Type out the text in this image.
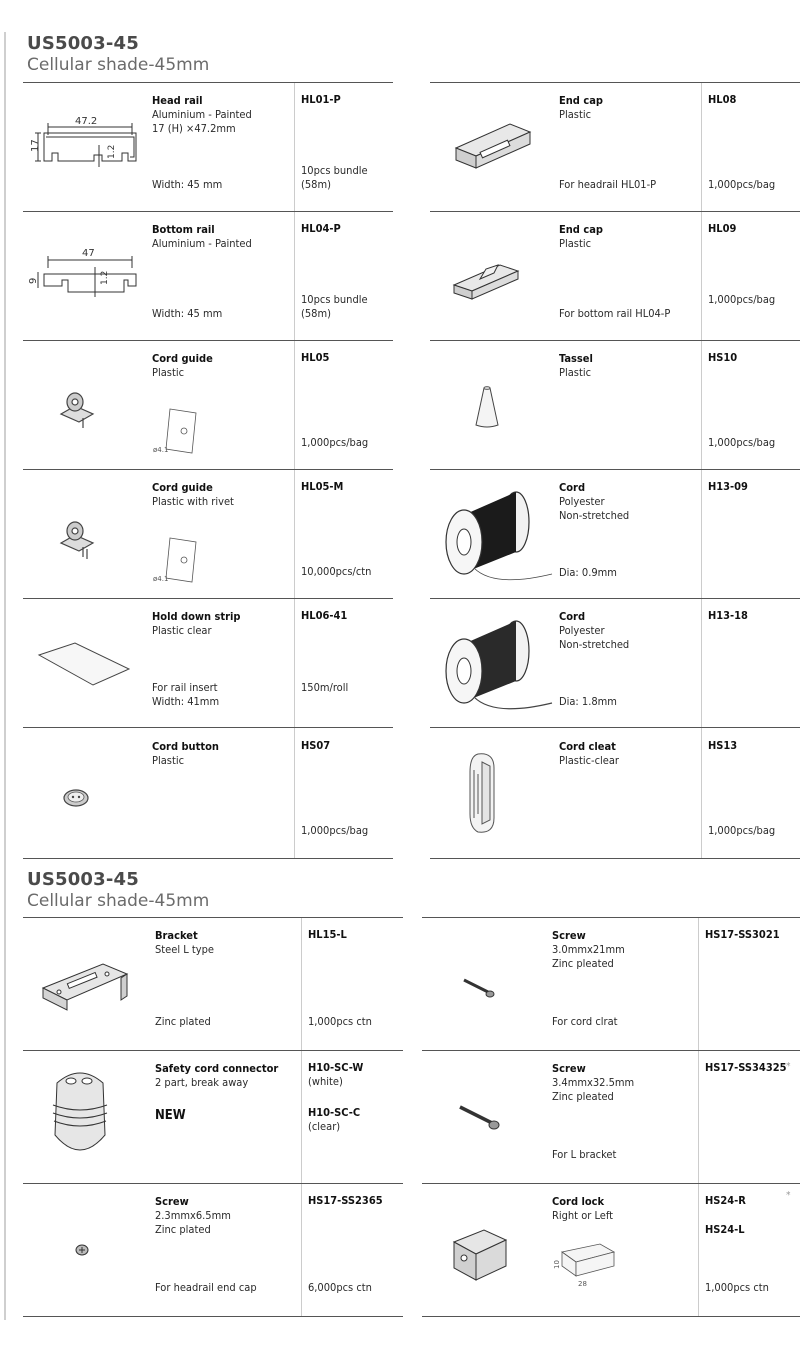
US5003-45
Cellular shade-45mm
47.2
17	1.2
Head rail
Aluminium - Painted
17 (H) ×47.2mm
Width: 45 mm
HL01-P
10pcs bundle
(58m)
47
9	1.2
Bottom rail
Aluminium - Painted
Width: 45 mm
HL04-P
10pcs bundle
(58m)
ø4.1
Cord guide
Plastic
HL05
1,000pcs/bag
ø4.1
Cord guide
Plastic with rivet
HL05-M
10,000pcs/ctn
Hold down strip
Plastic clear
For rail insert
Width: 41mm
HL06-41
150m/roll
Cord button
Plastic
HS07
1,000pcs/bag
End cap
Plastic
For headrail HL01-P
HL08
1,000pcs/bag
End cap
Plastic
For bottom rail HL04-P
HL09
1,000pcs/bag
Tassel
Plastic
HS10
1,000pcs/bag
Cord
Polyester
Non-stretched
Dia: 0.9mm
H13-09
Cord
Polyester
Non-stretched
Dia: 1.8mm
H13-18
Cord cleat
Plastic-clear
HS13
1,000pcs/bag
US5003-45
Cellular shade-45mm
Bracket
Steel L type
Zinc plated
HL15-L
1,000pcs ctn
Safety cord connector
2 part, break away
NEW
H10-SC-W
(white)
H10-SC-C
(clear)
Screw
2.3mmx6.5mm
Zinc plated
For headrail end cap
HS17-SS2365
6,000pcs ctn
Screw
3.0mmx21mm
Zinc pleated
For cord clrat
HS17-SS3021
Screw
3.4mmx32.5mm
Zinc pleated
For L bracket
HS17-SS34325 *
10
28
Cord lock
Right or Left
HS24-R
HS24-L
*
1,000pcs ctn
